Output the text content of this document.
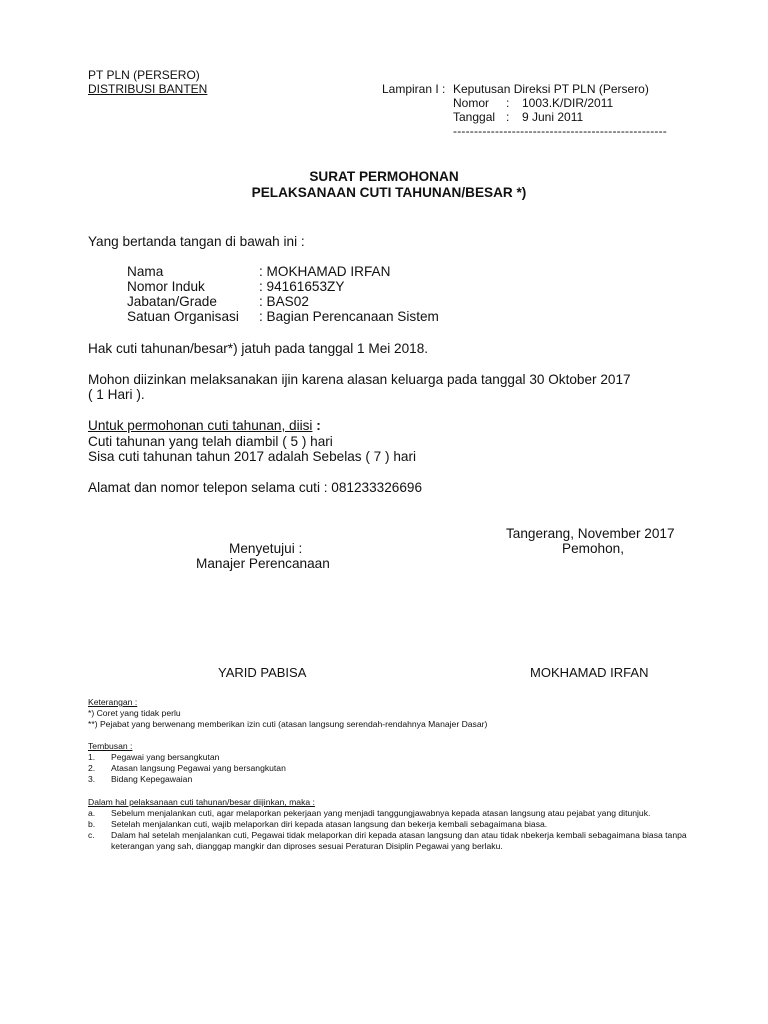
PT PLN (PERSERO)
DISTRIBUSI BANTEN	Lampiran I : Keputusan Direksi PT PLN (Persero)
Nomor : 1003.K/DIR/2011
Tanggal : 9 Juni 2011
---------------------------------------------------
SURAT PERMOHONAN
PELAKSANAAN CUTI TAHUNAN/BESAR *)
Yang bertanda tangan di bawah ini :
Nama	: MOKHAMAD IRFAN
Nomor Induk	: 94161653ZY
Jabatan/Grade	: BAS02
Satuan Organisasi	: Bagian Perencanaan Sistem
Hak cuti tahunan/besar*) jatuh pada tanggal 1 Mei 2018.
Mohon diizinkan melaksanakan ijin karena alasan keluarga pada tanggal 30 Oktober 2017
( 1 Hari ).
Untuk permohonan cuti tahunan, diisi :
Cuti tahunan yang telah diambil ( 5 ) hari
Sisa cuti tahunan tahun 2017 adalah Sebelas ( 7 ) hari
Alamat dan nomor telepon selama cuti : 081233326696
Tangerang, November 2017
Menyetujui :	Pemohon,
Manajer Perencanaan
YARID PABISA	MOKHAMAD IRFAN
Keterangan :
*) Coret yang tidak perlu
**) Pejabat yang berwenang memberikan izin cuti (atasan langsung serendah-rendahnya Manajer Dasar)
Tembusan :
1. Pegawai yang bersangkutan
2. Atasan langsung Pegawai yang bersangkutan
3. Bidang Kepegawaian
Dalam hal pelaksanaan cuti tahunan/besar diijinkan, maka :
a.	Sebelum menjalankan cuti, agar melaporkan pekerjaan yang menjadi tanggungjawabnya kepada atasan langsung atau pejabat yang ditunjuk.
b.	Setelah menjalankan cuti, wajib melaporkan diri kepada atasan langsung dan bekerja kembali sebagaimana biasa.
c.	Dalam hal setelah menjalankan cuti, Pegawai tidak melaporkan diri kepada atasan langsung dan atau tidak nbekerja kembali sebagaimana biasa tanpa keterangan yang sah, dianggap mangkir dan diproses sesuai Peraturan Disiplin Pegawai yang berlaku.
